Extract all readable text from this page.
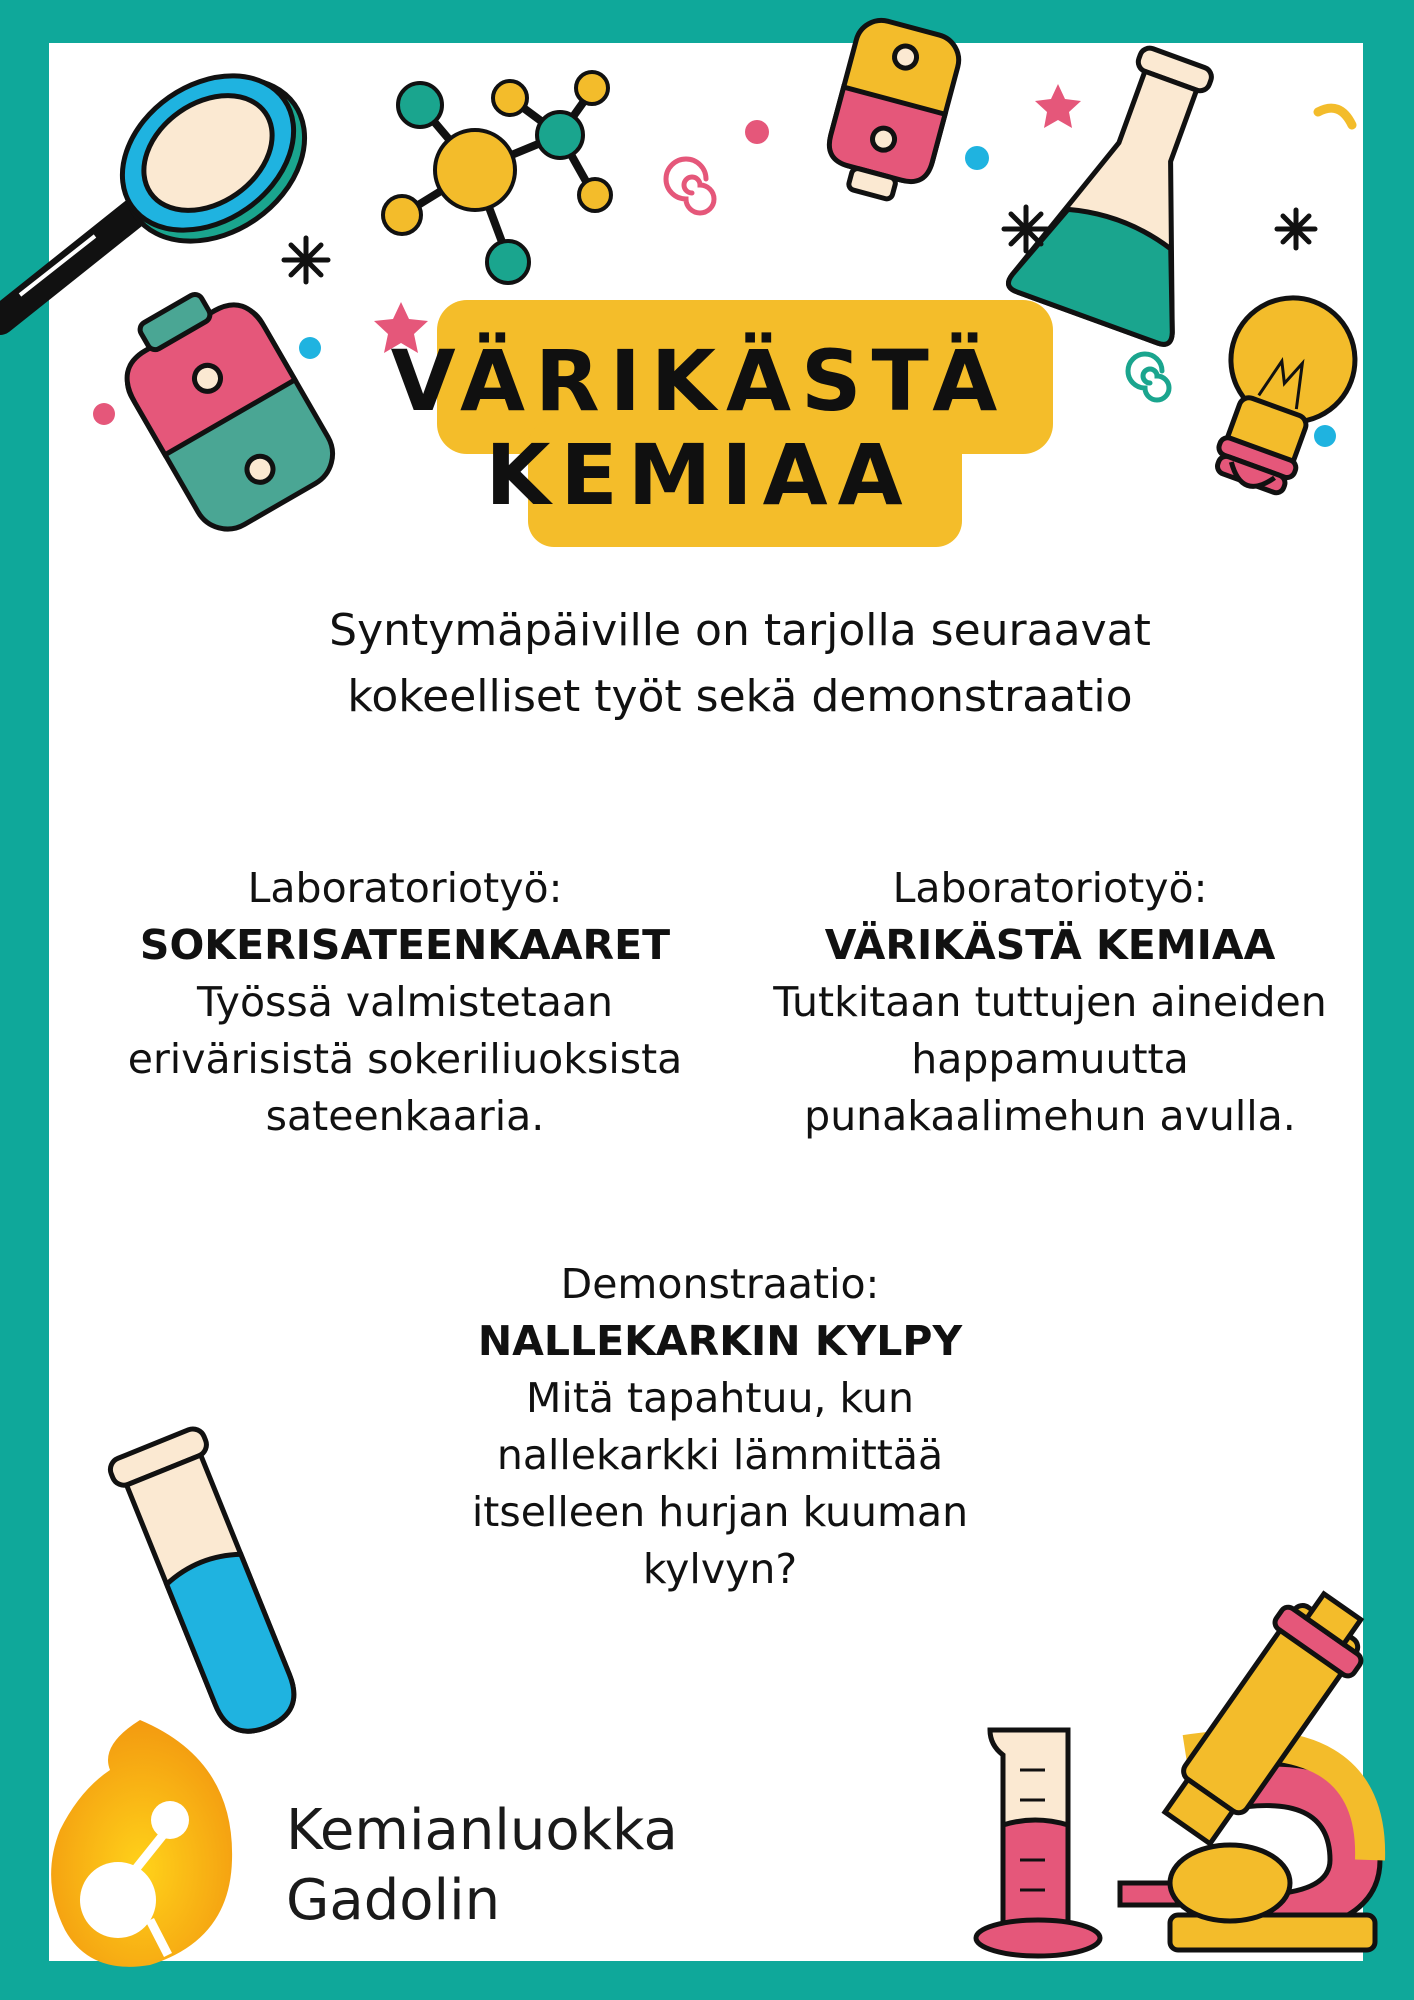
VÄRIKÄSTÄ
KEMIAA
Syntymäpäiville on tarjolla seuraavat
kokeelliset työt sekä demonstraatio
Laboratoriotyö:
SOKERISATEENKAARET
Työssä valmistetaan
erivärisistä sokeriliuoksista
sateenkaaria.
Laboratoriotyö:
VÄRIKÄSTÄ KEMIAA
Tutkitaan tuttujen aineiden
happamuutta
punakaalimehun avulla.
Demonstraatio:
NALLEKARKIN KYLPY
Mitä tapahtuu, kun
nallekarkki lämmittää
itselleen hurjan kuuman
kylvyn?
Kemianluokka
Gadolin
